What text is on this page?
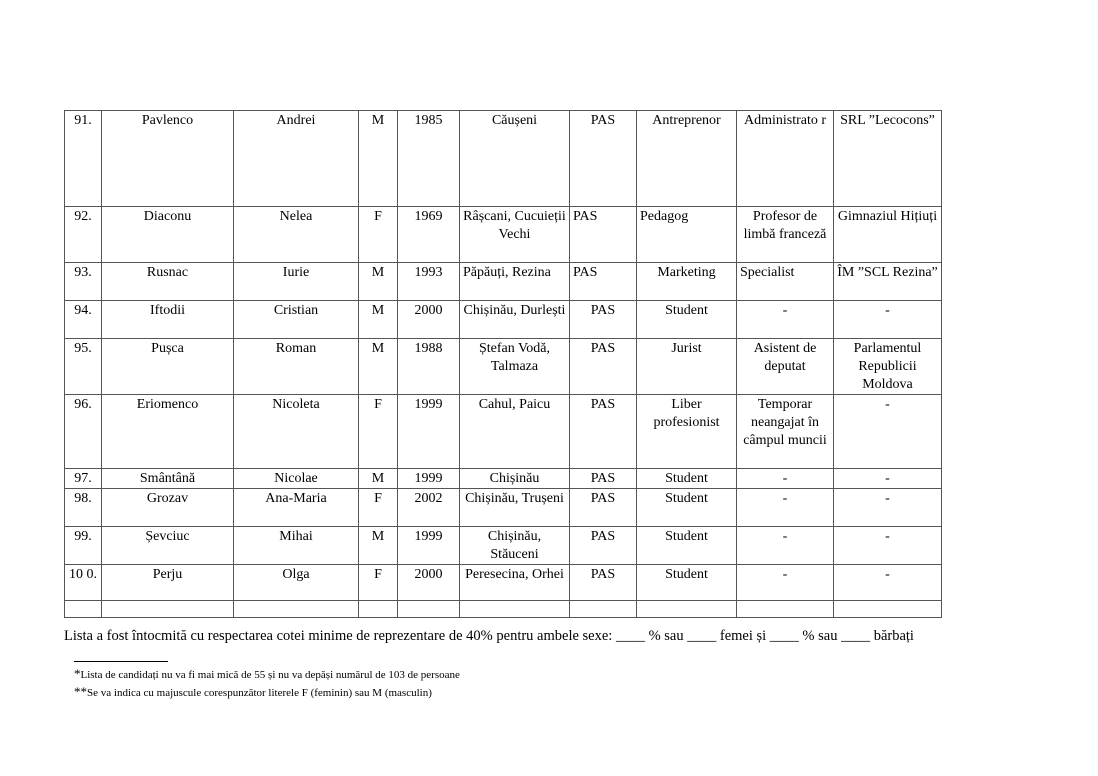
91.	Pavlenco	Andrei	M	1985	Căușeni	PAS	Antreprenor	Administrato r	SRL ”Lecocons”
92.	Diaconu	Nelea	F	1969	Râșcani, Cucuieții Vechi	PAS	Pedagog	Profesor de limbă franceză	Gimnaziul Hițiuți
93.	Rusnac	Iurie	M	1993	Păpăuți, Rezina	PAS	Marketing	Specialist	ÎM ”SCL Rezina”
94.	Iftodii	Cristian	M	2000	Chișinău, Durlești	PAS	Student	-	-
95.	Pușca	Roman	M	1988	Ștefan Vodă, Talmaza	PAS	Jurist	Asistent de deputat	Parlamentul Republicii Moldova
96.	Eriomenco	Nicoleta	F	1999	Cahul, Paicu	PAS	Liber profesionist	Temporar neangajat în câmpul muncii	-
97.	Smântână	Nicolae	M	1999	Chișinău	PAS	Student	-	-
98.	Grozav	Ana-Maria	F	2002	Chișinău, Trușeni	PAS	Student	-	-
99.	Șevciuc	Mihai	M	1999	Chișinău, Stăuceni	PAS	Student	-	-
10 0.	Perju	Olga	F	2000	Peresecina, Orhei	PAS	Student	-	-

Lista a fost întocmită cu respectarea cotei minime de reprezentare de 40% pentru ambele sexe: ____ % sau ____ femei și ____ % sau ____ bărbați
*Lista de candidați nu va fi mai mică de 55 și nu va depăși numărul de 103 de persoane
**Se va indica cu majuscule corespunzător literele F (feminin) sau M (masculin)
